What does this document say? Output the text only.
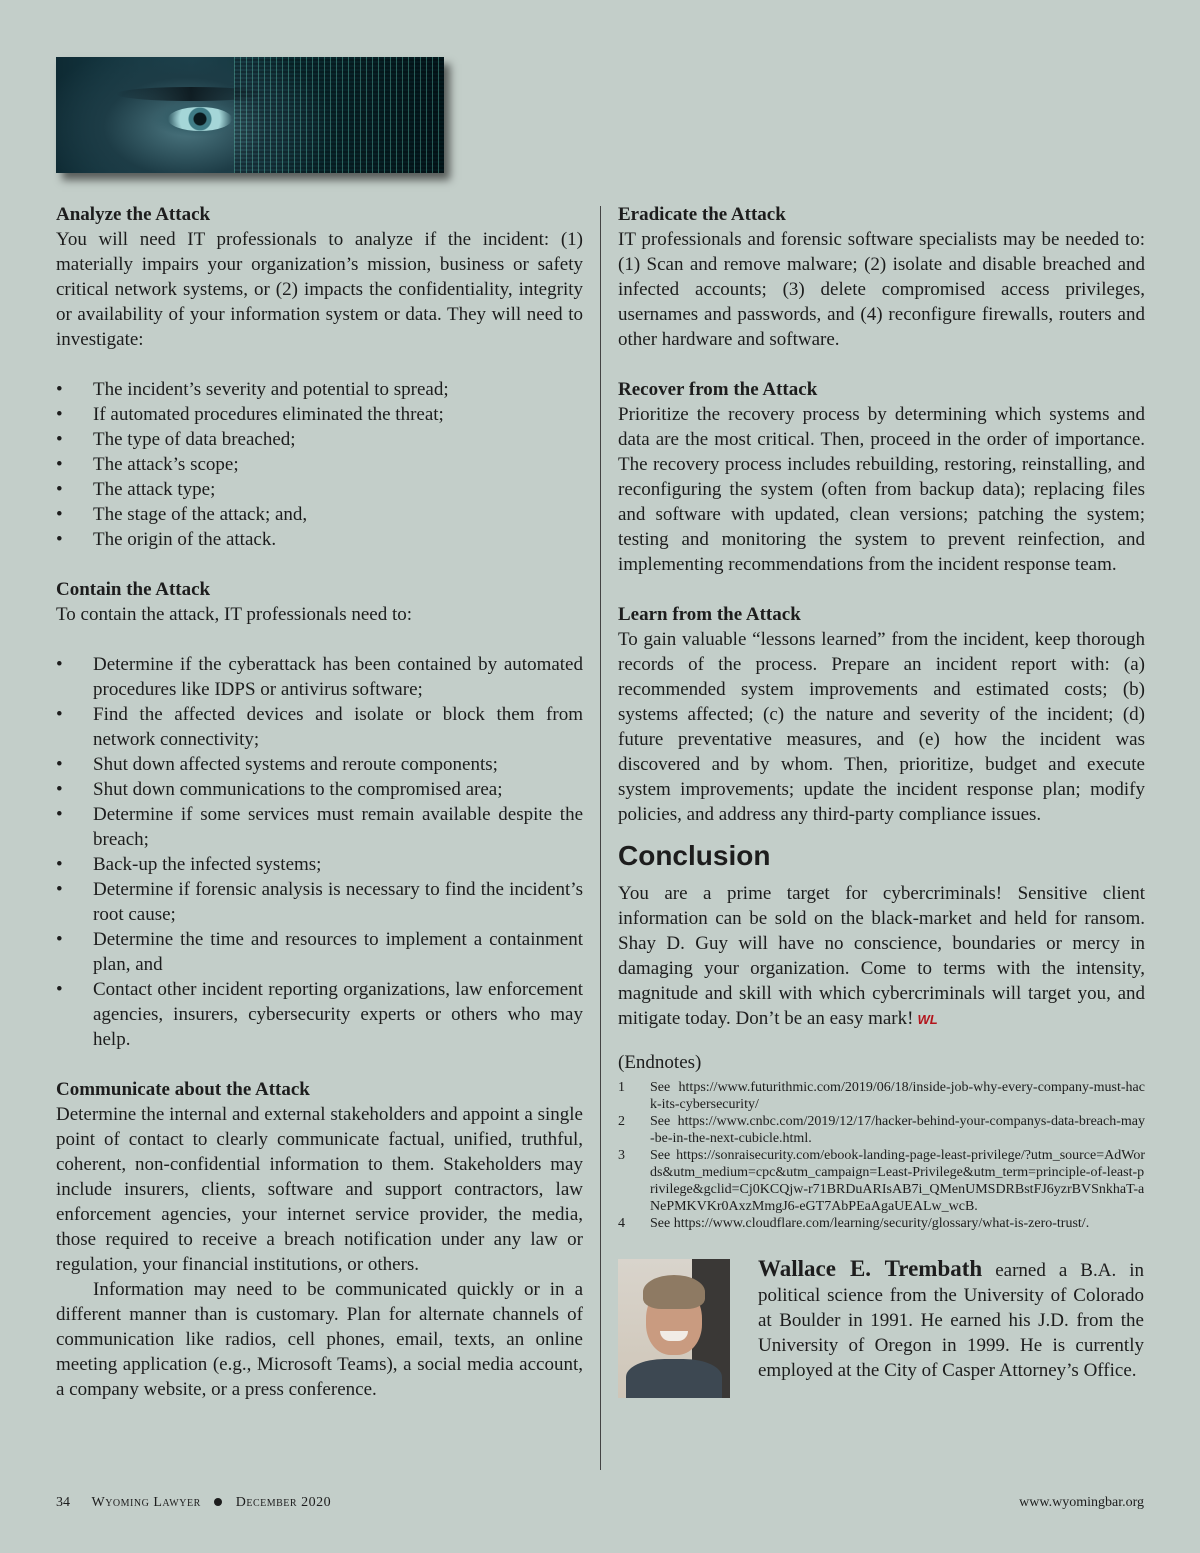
Analyze the Attack

You will need IT professionals to analyze if the incident: (1) materially impairs your organization’s mission, business or safety critical network systems, or (2) impacts the confidentiality, integrity or availability of your information system or data. They will need to investigate:

• The incident’s severity and potential to spread;
• If automated procedures eliminated the threat;
• The type of data breached;
• The attack’s scope;
• The attack type;
• The stage of the attack; and,
• The origin of the attack.
Contain the Attack

To contain the attack, IT professionals need to:

• Determine if the cyberattack has been contained by automated procedures like IDPS or antivirus software;
• Find the affected devices and isolate or block them from network connectivity;
• Shut down affected systems and reroute components;
• Shut down communications to the compromised area;
• Determine if some services must remain available despite the breach;
• Back-up the infected systems;
• Determine if forensic analysis is necessary to find the incident’s root cause;
• Determine the time and resources to implement a containment plan, and
• Contact other incident reporting organizations, law enforcement agencies, insurers, cybersecurity experts or others who may help.
Communicate about the Attack

Determine the internal and external stakeholders and appoint a single point of contact to clearly communicate factual, unified, truthful, coherent, non-confidential information to them. Stakeholders may include insurers, clients, software and support contractors, law enforcement agencies, your internet service provider, the media, those required to receive a breach notification under any law or regulation, your financial institutions, or others.

Information may need to be communicated quickly or in a different manner than is customary. Plan for alternate channels of communication like radios, cell phones, email, texts, an online meeting application (e.g., Microsoft Teams), a social media account, a company website, or a press conference.

Eradicate the Attack

IT professionals and forensic software specialists may be needed to: (1) Scan and remove malware; (2) isolate and disable breached and infected accounts; (3) delete compromised access privileges, usernames and passwords, and (4) reconfigure firewalls, routers and other hardware and software.

Recover from the Attack

Prioritize the recovery process by determining which systems and data are the most critical. Then, proceed in the order of importance. The recovery process includes rebuilding, restoring, reinstalling, and reconfiguring the system (often from backup data); replacing files and software with updated, clean versions; patching the system; testing and monitoring the system to prevent reinfection, and implementing recommendations from the incident response team.

Learn from the Attack

To gain valuable “lessons learned” from the incident, keep thorough records of the process. Prepare an incident report with: (a) recommended system improvements and estimated costs; (b) systems affected; (c) the nature and severity of the incident; (d) future preventative measures, and (e) how the incident was discovered and by whom. Then, prioritize, budget and execute system improvements; update the incident response plan; modify policies, and address any third-party compliance issues.

Conclusion

You are a prime target for cybercriminals! Sensitive client information can be sold on the black-market and held for ransom. Shay D. Guy will have no conscience, boundaries or mercy in damaging your organization. Come to terms with the intensity, magnitude and skill with which cybercriminals will target you, and mitigate today. Don’t be an easy mark! WL

(Endnotes)
1 See https://www.futurithmic.com/2019/06/18/inside-job-why-every-company-must-hack-its-cybersecurity/
2 See https://www.cnbc.com/2019/12/17/hacker-behind-your-companys-data-breach-may-be-in-the-next-cubicle.html.
3 See https://sonraisecurity.com/ebook-landing-page-least-privilege/?utm_source=AdWords&utm_medium=cpc&utm_campaign=Least-Privilege&utm_term=principle-of-least-privilege&gclid=Cj0KCQjw-r71BRDuARIsAB7i_QMenUMSDRBstFJ6yzrBVSnkhaT-aNePMKVKr0AxzMmgJ6-eGT7AbPEaAgaUEALw_wcB.
4 See https://www.cloudflare.com/learning/security/glossary/what-is-zero-trust/.
Wallace E. Trembath earned a B.A. in political science from the University of Colorado at Boulder in 1991. He earned his J.D. from the University of Oregon in 1999. He is currently employed at the City of Casper Attorney’s Office.
34 Wyoming Lawyer	December 2020	www.wyomingbar.org
